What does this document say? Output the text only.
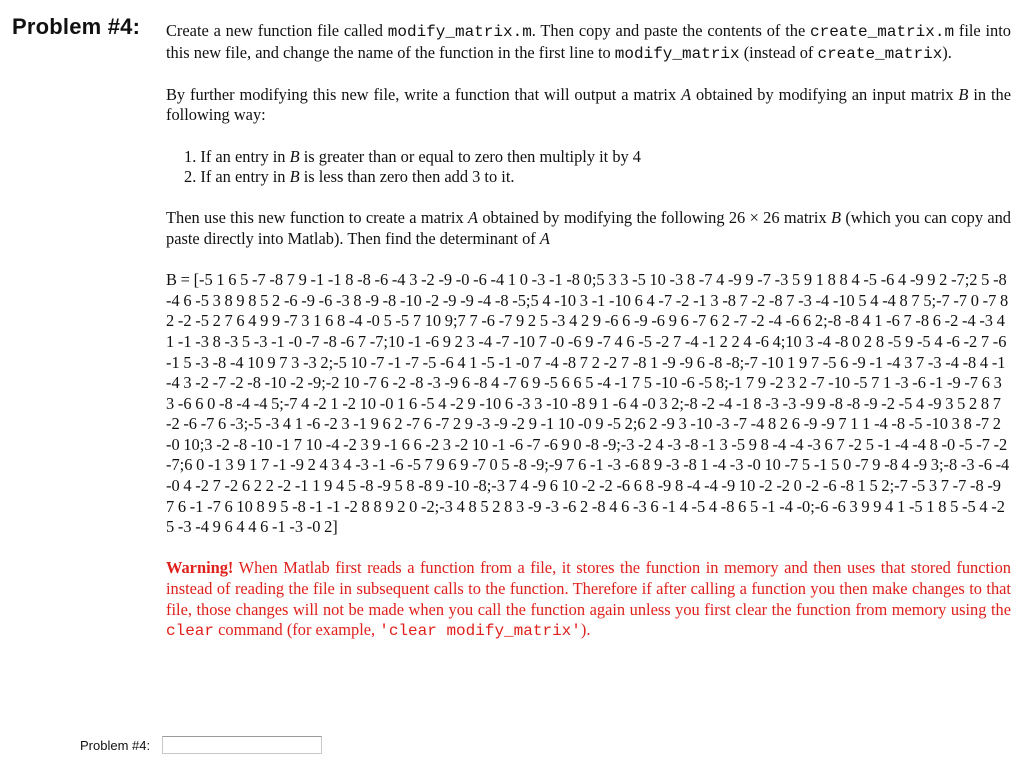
Problem #4: Create a new function file called modify_matrix.m. Then copy and paste the contents of the create_matrix.m file into this new file, and change the name of the function in the first line to modify_matrix (instead of create_matrix).

By further modifying this new file, write a function that will output a matrix A obtained by modifying an input matrix B in the following way:

1. If an entry in B is greater than or equal to zero then multiply it by 4
2. If an entry in B is less than zero then add 3 to it.

Then use this new function to create a matrix A obtained by modifying the following 26 × 26 matrix B (which you can copy and paste directly into Matlab). Then find the determinant of A

B = [-5 1 6 5 -7 -8 7 9 -1 -1 8 -8 -6 -4 3 -2 -9 -0 -6 -4 1 0 -3 -1 -8 0;5 3 3 -5 10 -3 8 -7 4 -9 9 -7 -3 5 9 1 8 8 4 -5 -6 4 -9 9 2 -7;2 5 -8 -4 6 -5 3 8 9 8 5 2 -6 -9 -6 -3 8 -9 -8 -10 -2 -9 -9 -4 -8 -5;5 4 -10 3 -1 -10 6 4 -7 -2 -1 3 -8 7 -2 -8 7 -3 -4 -10 5 4 -4 8 7 5;-7 -7 0 -7 8 2 -2 -5 2 7 6 4 9 9 -7 3 1 6 8 -4 -0 5 -5 7 10 9;7 7 -6 -7 9 2 5 -3 4 2 9 -6 6 -9 -6 9 6 -7 6 2 -7 -2 -4 -6 6 2;-8 -8 4 1 -6 7 -8 6 -2 -4 -3 4 1 -1 -3 8 -3 5 -3 -1 -0 -7 -8 -6 7 -7;10 -1 -6 9 2 3 -4 -7 -10 7 -0 -6 9 -7 4 6 -5 -2 7 -4 -1 2 2 4 -6 4;10 3 -4 -8 0 2 8 -5 9 -5 4 -6 -2 7 -6 -1 5 -3 -8 -4 10 9 7 3 -3 2;-5 10 -7 -1 -7 -5 -6 4 1 -5 -1 -0 7 -4 -8 7 2 -2 7 -8 1 -9 -9 6 -8 -8;-7 -10 1 9 7 -5 6 -9 -1 -4 3 7 -3 -4 -8 4 -1 -4 3 -2 -7 -2 -8 -10 -2 -9;-2 10 -7 6 -2 -8 -3 -9 6 -8 4 -7 6 9 -5 6 6 5 -4 -1 7 5 -10 -6 -5 8;-1 7 9 -2 3 2 -7 -10 -5 7 1 -3 -6 -1 -9 -7 6 3 3 -6 6 0 -8 -4 -4 5;-7 4 -2 1 -2 10 -0 1 6 -5 4 -2 9 -10 6 -3 3 -10 -8 9 1 -6 4 -0 3 2;-8 -2 -4 -1 8 -3 -3 -9 9 -8 -8 -9 -2 -5 4 -9 3 5 2 8 7 -2 -6 -7 6 -3;-5 -3 4 1 -6 -2 3 -1 9 6 2 -7 6 -7 2 9 -3 -9 -2 9 -1 10 -0 9 -5 2;6 2 -9 3 -10 -3 -7 -4 8 2 6 -9 -9 7 1 1 -4 -8 -5 -10 3 8 -7 2 -0 10;3 -2 -8 -10 -1 7 10 -4 -2 3 9 -1 6 6 -2 3 -2 10 -1 -6 -7 -6 9 0 -8 -9;-3 -2 4 -3 -8 -1 3 -5 9 8 -4 -4 -3 6 7 -2 5 -1 -4 -4 8 -0 -5 -7 -2 -7;6 0 -1 3 9 1 7 -1 -9 2 4 3 4 -3 -1 -6 -5 7 9 6 9 -7 0 5 -8 -9;-9 7 6 -1 -3 -6 8 9 -3 -8 1 -4 -3 -0 10 -7 5 -1 5 0 -7 9 -8 4 -9 3;-8 -3 -6 -4 -0 4 -2 7 -2 6 2 2 -2 -1 1 9 4 5 -8 -9 5 8 -8 9 -10 -8;-3 7 4 -9 6 10 -2 -2 -6 6 8 -9 8 -4 -4 -9 10 -2 -2 0 -2 -6 -8 1 5 2;-7 -5 3 7 -7 -8 -9 7 6 -1 -7 6 10 8 9 5 -8 -1 -1 -2 8 8 9 2 0 -2;-3 4 8 5 2 8 3 -9 -3 -6 2 -8 4 6 -3 6 -1 4 -5 4 -8 6 5 -1 -4 -0;-6 -6 3 9 9 4 1 -5 1 8 5 -5 4 -2 5 -3 -4 9 6 4 4 6 -1 -3 -0 2]

Warning! When Matlab first reads a function from a file, it stores the function in memory and then uses that stored function instead of reading the file in subsequent calls to the function. Therefore if after calling a function you then make changes to that file, those changes will not be made when you call the function again unless you first clear the function from memory using the clear command (for example, 'clear modify_matrix').

Problem #4:
